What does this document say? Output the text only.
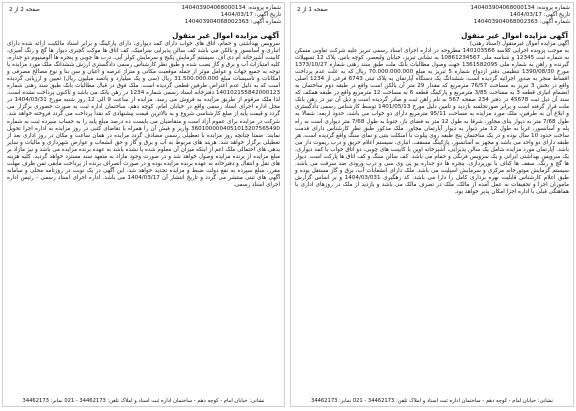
شماره پرونده: 140403904068000134
تاریخ آگهی: 1404/03/17
شماره آگهی: 140403904068002363
صفحه 2 از 2
آگهی مزایده اموال غیر منقول

سرویس بهداشتی و حمام، اتاق های خواب دارای کمد دیواری، دارای پارکینگ و برابر اسناد مالکیت ارائه شده دارای انباری و آسانسور و بالکن می باشد کف سالن پذیرایی سرامیک، کف اتاق ها موکت گچبری دیوار ها گچ و رنگ آمیزی، کابینت آشپزخانه ام دی اف، سیستم گرمایش پکیج و سرمایش کولر آبی، درب ها چوبی و پنجره ها آلومینیوم دو جداره، کلیه امتیازات آب و برق و گاز نصب شده و طبق نظر کارشناس رسمی دادگستری ارزش ششدانگ ملک مورد مزایده با توجه به جمیع جهات و عوامل موثر از جمله موقعیت مکانی و متراژ عرصه و اعیان و سن بنا و نوع مصالح مصرفی و امکانات و تاسیسات مبلغ 31.500.000.000 ریال (سی و یک میلیارد و پانصد میلیون ریال) تعیین و ارزیابی گردیده است که به دلیل عدم اعتراض طرفین قطعی گردیده است. ملک فوق در قبال مطالبات بانک طبق سند رهنی شماره 140102155842000123 دفترخانه اسناد رسمی شماره 1234 در رهن بانک می باشد و تاکنون پرداخت نشده است، لذا ملک مرقوم از طریق مزایده به فروش می رسد. مزایده از ساعت 9 الی 12 روز شنبه مورخ 1404/03/31 در محل اداره اجرای اسناد رسمی واقع در خیابان امام، کوچه دهم، ساختمان اداره ثبت به صورت حضوری برگزار می گردد و قیمت پایه از مبلغ کارشناسی شروع و به بالاترین قیمت پیشنهادی که نقدا پرداخت می گردد فروخته خواهد شد. شرکت در مزایده برای عموم آزاد است و متقاضیان می بایست ده درصد مبلغ پایه را به حساب سپرده ثبت به شماره 3601000004051013207565490 واریز و فیش آن را همراه با تقاضای کتبی در روز مزایده به اداره اجرا تحویل نمایند. ضمنا چنانچه روز مزایده با تعطیلی رسمی مصادف گردد مزایده در همان ساعت و مکان در روز اداری بعد از تعطیلی برگزار خواهد شد. هزینه های مربوط به آب و برق و گاز و حق انشعاب و عوارض شهرداری و مالیات و سایر بدهی های احتمالی ملک اعم از اینکه میزان آن معلوم شده یا نشده باشد به عهده برنده مزایده می باشد و نیز مازاد بر مبلغ مزایده از برنده مزایده وصول خواهد شد و در صورت وجود مازاد به متعهد سند مسترد خواهد گردید. کلیه هزینه های نقل و انتقال و دفترخانه به عهده برنده مزایده بوده و در صورت انصراف برنده از پرداخت مابقی ثمن ظرف مهلت مقرر، مبلغ سپرده به نفع دولت ضبط و مزایده تجدید خواهد شد. این آگهی در یک نوبت در روزنامه محلی و سامانه آگهی های ثبتی منتشر می گردد و تاریخ انتشار آن 1404/03/17 می باشد. اداره اجرای اسناد رسمی - رئیس اداره اجرای اسناد رسمی.

نشانی: خیابان امام - کوچه دهم - ساختمان اداره ثبت اسناد و املاک تلفن: 34462173 - 021 نمابر: 34462173
شماره پرونده: 140403904068000134
تاریخ آگهی: 1404/03/17
شماره آگهی: 140403904068002363
صفحه 1 از 2
آگهی مزایده اموال غیر منقول

آگهی مزایده اموال غیرمنقول (اسناد رهنی)

به موجب پرونده اجرایی کلاسه 140103566 مطروحه در اداره اجرای اسناد رسمی تبریز علیه شرکت تعاونی مسکن به شماره ثبت 12345 و شناسه ملی 10861234567 به نشانی تبریز، خیابان ولیعصر، کوچه یاس، پلاک 12 تسهیلات گیرنده و راهن به شماره ملی 1361582095 جهت وصول مطالبات بانک ملت طبق سند رهنی شماره 1373/10/27 مورخ 1390/08/30 تنظیمی دفتر ازدواج شماره 5 تبریز به مبلغ 70.000.000.000 ریال که به علت عدم پرداخت اقساط منجر به صدور اجرائیه گردیده است، ششدانگ یک دستگاه آپارتمان به پلاک ثبتی 6743 فرعی از 1234 اصلی واقع در بخش 3 تبریز به مساحت 76/57 مترمربع که مقدار 29 متر آن بالکن است واقع در طبقه دوم ساختمان به انضمام انباری قطعه 3 به مساحت 3/85 مترمربع و پارکینگ قطعه 6 به مساحت 12 مترمربع واقع در طبقه همکف که سند آن ذیل ثبت 45678 در دفتر 234 صفحه 567 به نام راهن ثبت و صادر گردیده است و ذیل آن نیز در رهن بانک ملت قرار گرفته است و برابر صورتجلسه بازدید و تامین دلیل مورخ 1401/05/13 توسط کارشناس رسمی دادگستری و ابلاغ آن به طرفین، ملک مورد مزایده به مساحت 95/11 مترمربع دارای دو خواب می باشد، حدود اربعه: شمالا به طول 7/68 متر به دیوار بنای مجاور، شرقا به طول 12 متر به فضای باز، جنوبا به طول 7/68 متر دیواری است به راه پله و آسانسور، غربا به طول 12 متر دیوار به دیوار آپارتمان مجاور. ملک مذکور طبق نظر کارشناس دارای قدمت ساخت حدود 10 سال بوده و در یک ساختمان پنج طبقه روی پیلوت با اسکلت بتنی و نمای سنگ واقع گردیده است، هر طبقه دارای دو واحد می باشد و مجهز به آسانسور، پارکینگ مسقف، انباری، سیستم اعلام حریق و درب ریموت دار می باشد. آپارتمان مورد مزایده شامل یک سالن پذیرایی، آشپزخانه اوپن با کابینت های چوبی، دو اتاق خواب با کمد دیواری، یک سرویس بهداشتی ایرانی و یک سرویس فرنگی و حمام می باشد. کف سالن سنگ و کف اتاق ها پارکت است. دیوار ها گچ و رنگ، سقف ها کناف با نورپردازی، پنجره ها دو جداره یو پی وی سی و درب ورودی ضد سرقت می باشد. سیستم گرمایش موتورخانه مرکزی و سرمایش اسپلیت می باشد. ملک دارای انشعابات آب، برق و گاز مستقل بوده و طبق اعلام کارشناس قابلیت بهره برداری کامل را دارا می باشد. کد رهگیری 1404/03/031 و بر اساس گزارش ماموران اجرا و تحقیقات به عمل آمده از مالک، ملک در تصرف مالک می باشد و بازدید از ملک در روزهای اداری با هماهنگی قبلی با اداره اجرا امکان پذیر خواهد بود.

نشانی: خیابان امام - کوچه دهم - ساختمان اداره ثبت اسناد و املاک تلفن: 34462173 - 021 نمابر: 34462173
